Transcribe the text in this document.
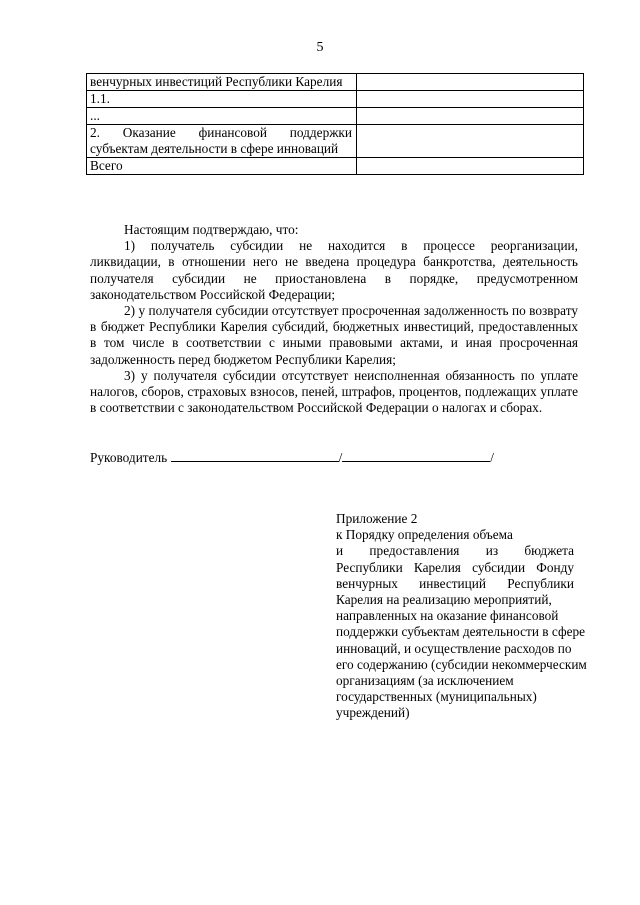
5
венчурных инвестиций Республики Карелия	
1.1.	
...	
2. Оказание финансовой поддержки субъектам деятельности в сфере инноваций	
Всего	

Настоящим подтверждаю, что:

1) получатель субсидии не находится в процессе реорганизации,

ликвидации, в отношении него не введена процедура банкротства, деятельность получателя субсидии не приостановлена в порядке, предусмотренном законодательством Российской Федерации;

2) у получателя субсидии отсутствует просроченная задолженность по возврату в бюджет Республики Карелия субсидий, бюджетных инвестиций, предоставленных в том числе в соответствии с иными правовыми актами, и иная просроченная задолженность перед бюджетом Республики Карелия;

3) у получателя субсидии отсутствует неисполненная обязанность по уплате налогов, сборов, страховых взносов, пеней, штрафов, процентов, подлежащих уплате в соответствии с законодательством Российской Федерации о налогах и сборах.

Руководитель	/	/

Приложение 2

к Порядку определения объема

и предоставления из бюджета

Республики Карелия субсидии Фонду

венчурных инвестиций Республики

Карелия на реализацию мероприятий,

направленных на оказание финансовой

поддержки субъектам деятельности в сфере

инноваций, и осуществление расходов по

его содержанию (субсидии некоммерческим

организациям (за исключением

государственных (муниципальных)

учреждений)
